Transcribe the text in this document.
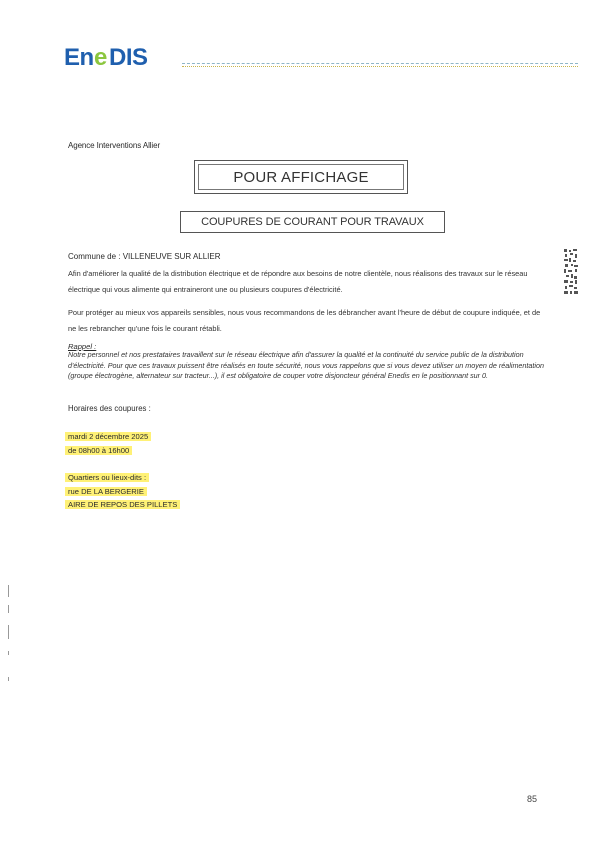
En e DIS
Agence Interventions Allier
POUR AFFICHAGE
COUPURES DE COURANT POUR TRAVAUX
Commune de : VILLENEUVE SUR ALLIER
Afin d'améliorer la qualité de la distribution électrique et de répondre aux besoins de notre clientèle, nous réalisons des travaux sur le réseau électrique qui vous alimente qui entraineront une ou plusieurs coupures d'électricité.
Pour protéger au mieux vos appareils sensibles, nous vous recommandons de les débrancher avant l'heure de début de coupure indiquée, et de ne les rebrancher qu'une fois le courant rétabli.
Rappel :
Notre personnel et nos prestataires travaillent sur le réseau électrique afin d'assurer la qualité et la continuité du service public de la distribution d'électricité. Pour que ces travaux puissent être réalisés en toute sécurité, nous vous rappelons que si vous devez utiliser un moyen de réalimentation (groupe électrogène, alternateur sur tracteur...), il est obligatoire de couper votre disjoncteur général Enedis en le positionnant sur 0.
Horaires des coupures :
mardi 2 décembre 2025
de 08h00 à 16h00
Quartiers ou lieux-dits :
rue DE LA BERGERIE
AIRE DE REPOS DES PILLETS
85
